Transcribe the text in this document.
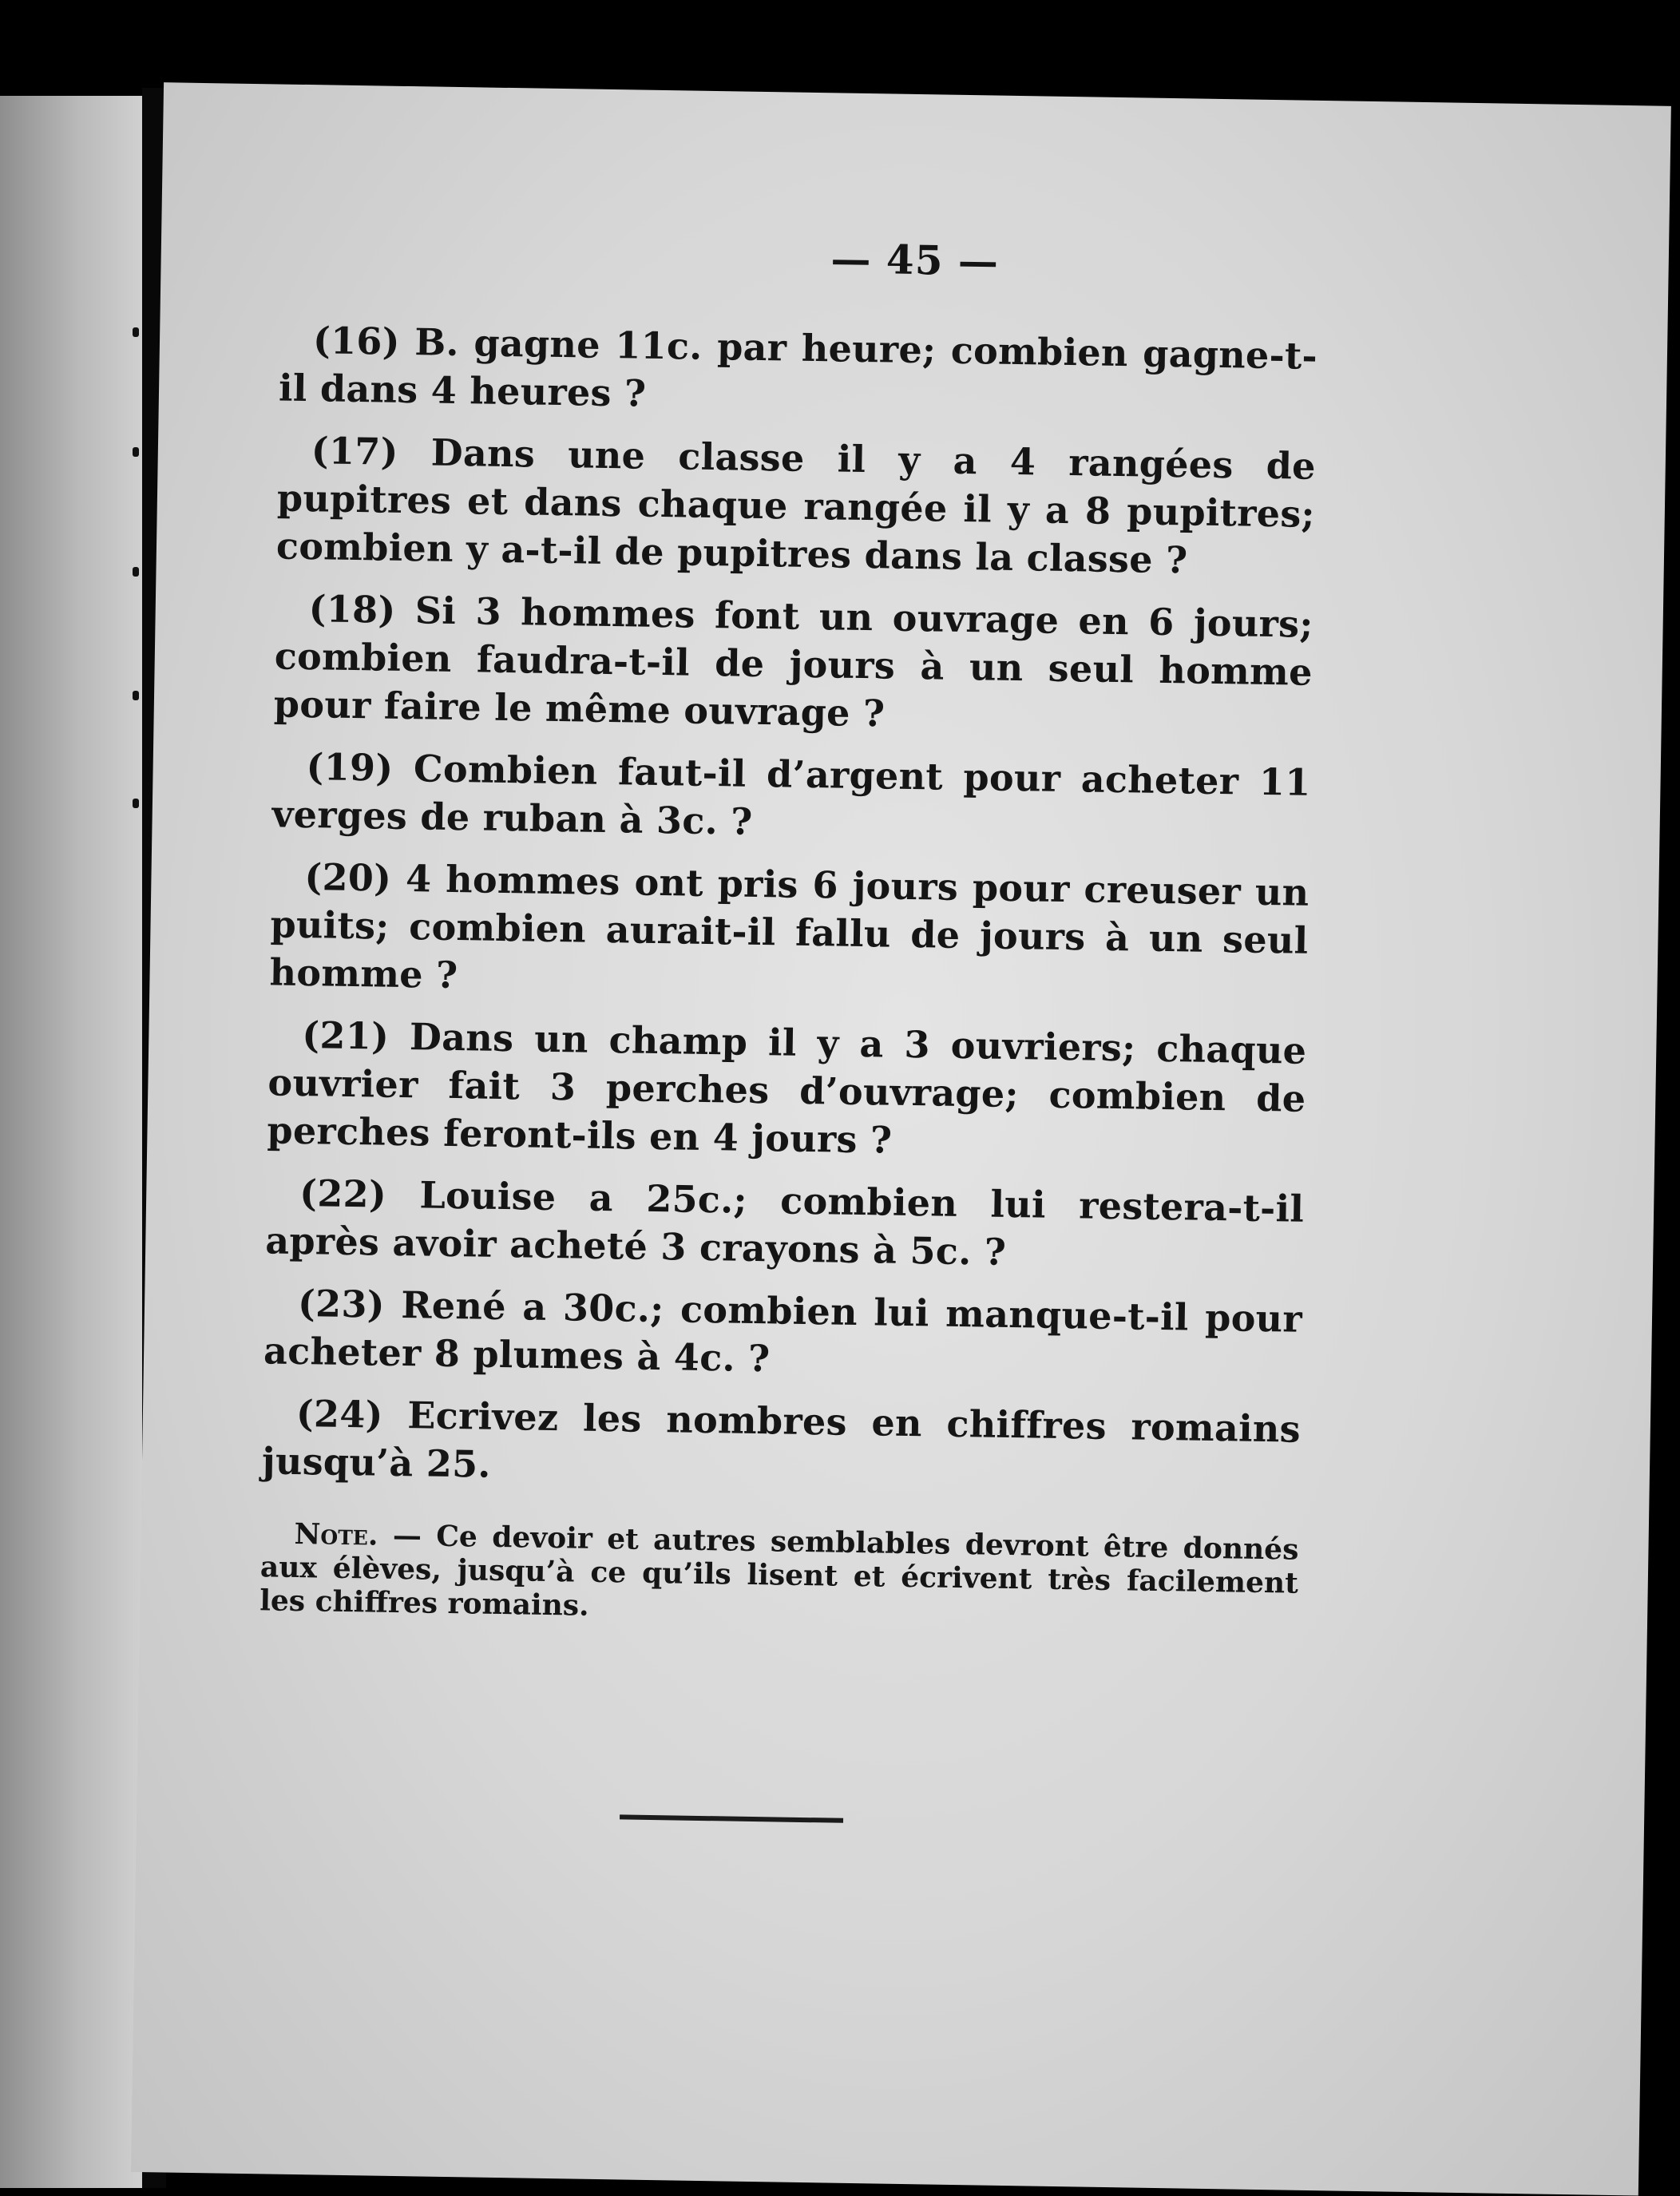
— 45 —

(16) B. gagne 11c. par heure; combien gagne-t-il dans 4 heures ?

(17) Dans une classe il y a 4 rangées de pupitres et dans chaque rangée il y a 8 pupitres; combien y a-t-il de pupitres dans la classe ?

(18) Si 3 hommes font un ouvrage en 6 jours; combien faudra-t-il de jours à un seul homme pour faire le même ouvrage ?

(19) Combien faut-il d’argent pour acheter 11 verges de ruban à 3c. ?

(20) 4 hommes ont pris 6 jours pour creuser un puits; combien aurait-il fallu de jours à un seul homme ?

(21) Dans un champ il y a 3 ouvriers; chaque ouvrier fait 3 perches d’ouvrage; combien de perches feront-ils en 4 jours ?

(22) Louise a 25c.; combien lui restera-t-il après avoir acheté 3 crayons à 5c. ?

(23) René a 30c.; combien lui manque-t-il pour acheter 8 plumes à 4c. ?

(24) Ecrivez les nombres en chiffres romains jusqu’à 25.

Note. — Ce devoir et autres semblables devront être donnés aux élèves, jusqu’à ce qu’ils lisent et écrivent très facilement les chiffres romains.
